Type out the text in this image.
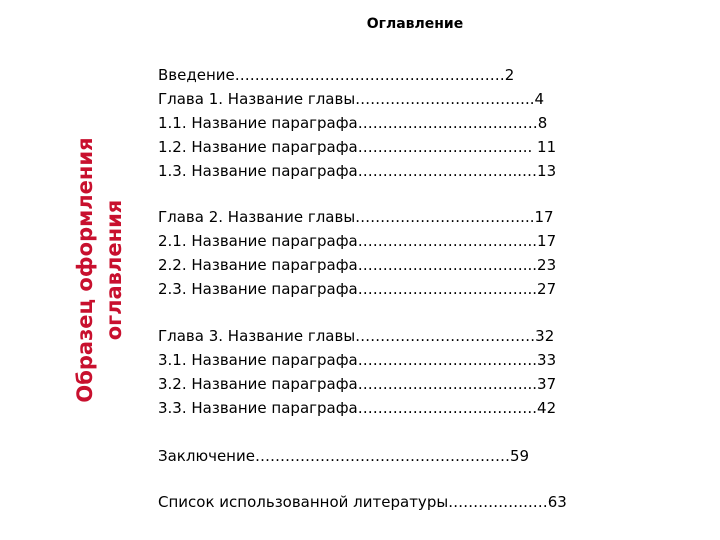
Образец оформления оглавления
Оглавление
Введение………………………………………………2
Глава 1. Название главы……………………………...4
1.1. Название параграфа………………………………8
1.2. Название параграфа…………………………….. 11
1.3. Название параграфа…………………………...…13
Глава 2. Название главы……………………………...17
2.1. Название параграфа……………………………...17
2.2. Название параграфа……………………………...23
2.3. Название параграфа……………………………...27
Глава 3. Название главы………………………………32
3.1. Название параграфа……………………..……….33
3.2. Название параграфа……………………………...37
3.3. Название параграфа……………………..……….42
Заключение……………………………………………59
Список использованной литературы……………..…63
